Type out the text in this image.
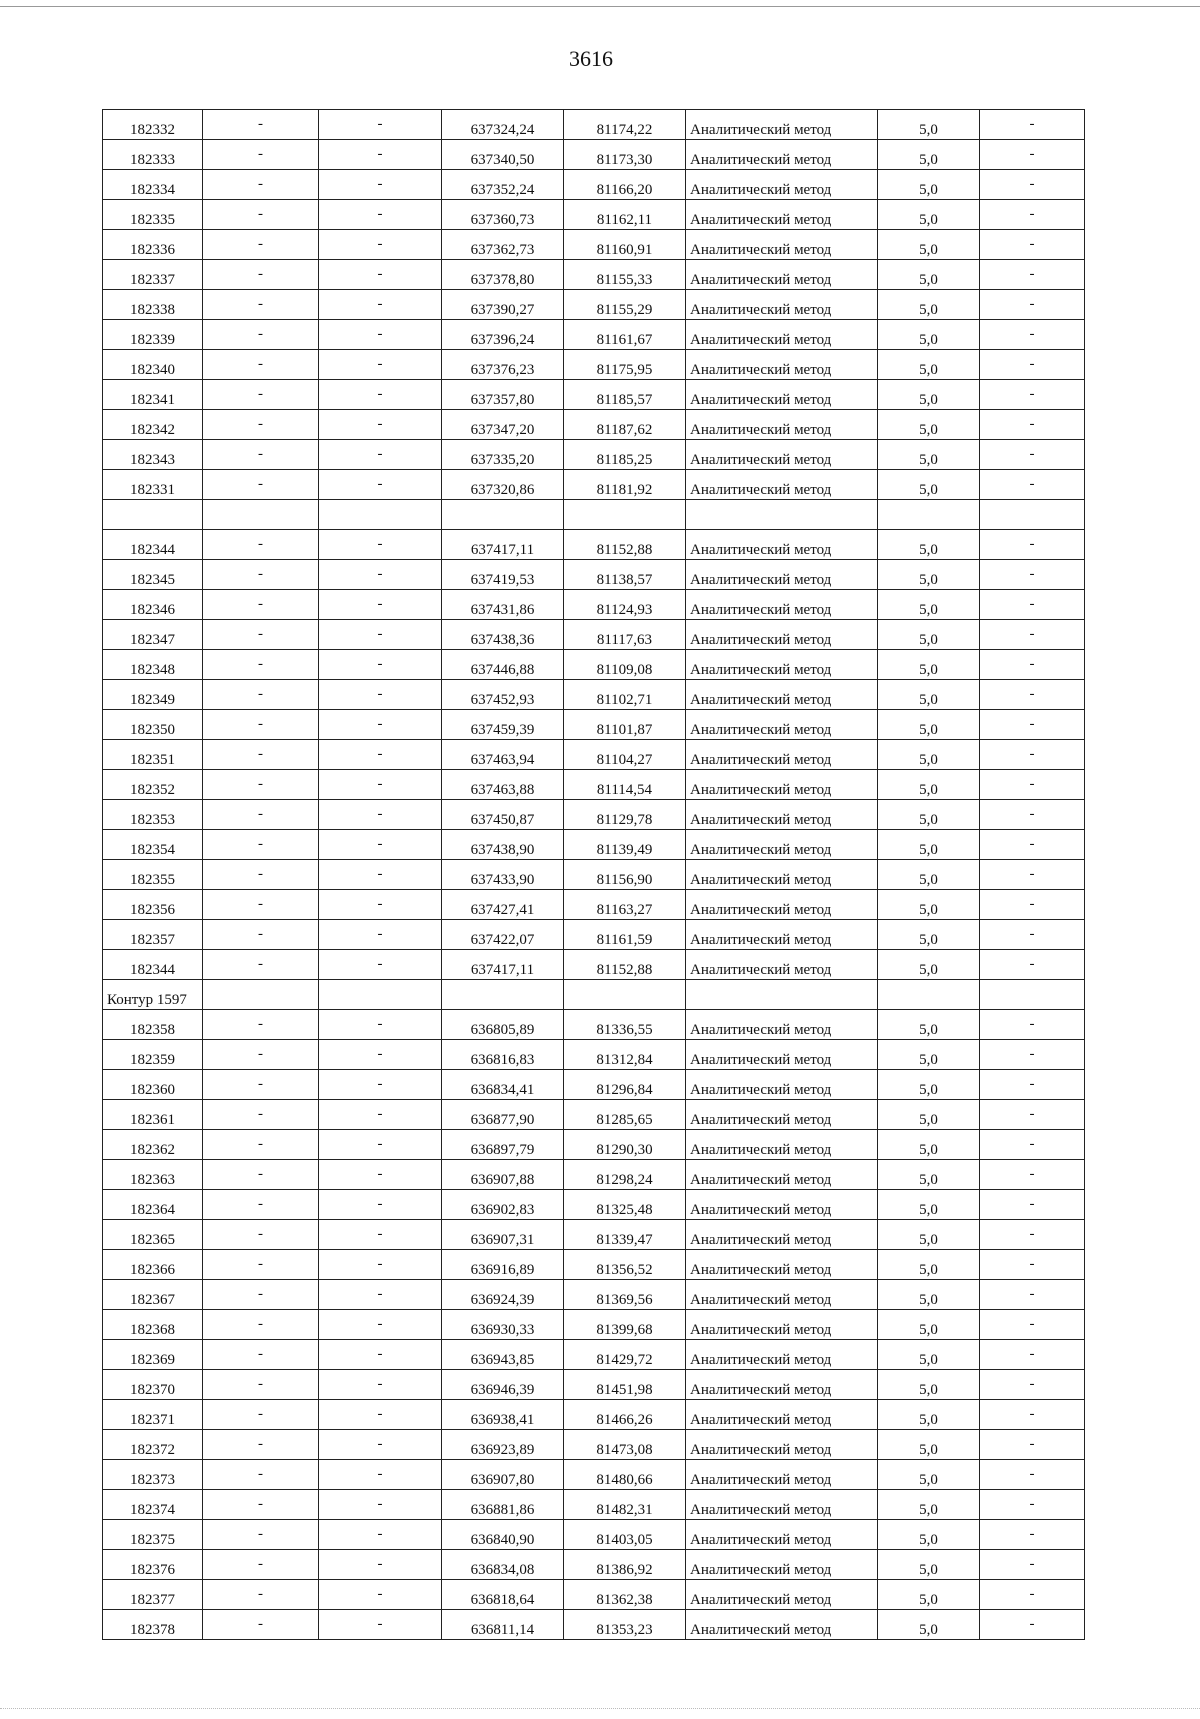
3616
182332	-	-	637324,24	81174,22	Аналитический метод	5,0	-
182333	-	-	637340,50	81173,30	Аналитический метод	5,0	-
182334	-	-	637352,24	81166,20	Аналитический метод	5,0	-
182335	-	-	637360,73	81162,11	Аналитический метод	5,0	-
182336	-	-	637362,73	81160,91	Аналитический метод	5,0	-
182337	-	-	637378,80	81155,33	Аналитический метод	5,0	-
182338	-	-	637390,27	81155,29	Аналитический метод	5,0	-
182339	-	-	637396,24	81161,67	Аналитический метод	5,0	-
182340	-	-	637376,23	81175,95	Аналитический метод	5,0	-
182341	-	-	637357,80	81185,57	Аналитический метод	5,0	-
182342	-	-	637347,20	81187,62	Аналитический метод	5,0	-
182343	-	-	637335,20	81185,25	Аналитический метод	5,0	-
182331	-	-	637320,86	81181,92	Аналитический метод	5,0	-

182344	-	-	637417,11	81152,88	Аналитический метод	5,0	-
182345	-	-	637419,53	81138,57	Аналитический метод	5,0	-
182346	-	-	637431,86	81124,93	Аналитический метод	5,0	-
182347	-	-	637438,36	81117,63	Аналитический метод	5,0	-
182348	-	-	637446,88	81109,08	Аналитический метод	5,0	-
182349	-	-	637452,93	81102,71	Аналитический метод	5,0	-
182350	-	-	637459,39	81101,87	Аналитический метод	5,0	-
182351	-	-	637463,94	81104,27	Аналитический метод	5,0	-
182352	-	-	637463,88	81114,54	Аналитический метод	5,0	-
182353	-	-	637450,87	81129,78	Аналитический метод	5,0	-
182354	-	-	637438,90	81139,49	Аналитический метод	5,0	-
182355	-	-	637433,90	81156,90	Аналитический метод	5,0	-
182356	-	-	637427,41	81163,27	Аналитический метод	5,0	-
182357	-	-	637422,07	81161,59	Аналитический метод	5,0	-
182344	-	-	637417,11	81152,88	Аналитический метод	5,0	-
Контур 1597							
182358	-	-	636805,89	81336,55	Аналитический метод	5,0	-
182359	-	-	636816,83	81312,84	Аналитический метод	5,0	-
182360	-	-	636834,41	81296,84	Аналитический метод	5,0	-
182361	-	-	636877,90	81285,65	Аналитический метод	5,0	-
182362	-	-	636897,79	81290,30	Аналитический метод	5,0	-
182363	-	-	636907,88	81298,24	Аналитический метод	5,0	-
182364	-	-	636902,83	81325,48	Аналитический метод	5,0	-
182365	-	-	636907,31	81339,47	Аналитический метод	5,0	-
182366	-	-	636916,89	81356,52	Аналитический метод	5,0	-
182367	-	-	636924,39	81369,56	Аналитический метод	5,0	-
182368	-	-	636930,33	81399,68	Аналитический метод	5,0	-
182369	-	-	636943,85	81429,72	Аналитический метод	5,0	-
182370	-	-	636946,39	81451,98	Аналитический метод	5,0	-
182371	-	-	636938,41	81466,26	Аналитический метод	5,0	-
182372	-	-	636923,89	81473,08	Аналитический метод	5,0	-
182373	-	-	636907,80	81480,66	Аналитический метод	5,0	-
182374	-	-	636881,86	81482,31	Аналитический метод	5,0	-
182375	-	-	636840,90	81403,05	Аналитический метод	5,0	-
182376	-	-	636834,08	81386,92	Аналитический метод	5,0	-
182377	-	-	636818,64	81362,38	Аналитический метод	5,0	-
182378	-	-	636811,14	81353,23	Аналитический метод	5,0	-
